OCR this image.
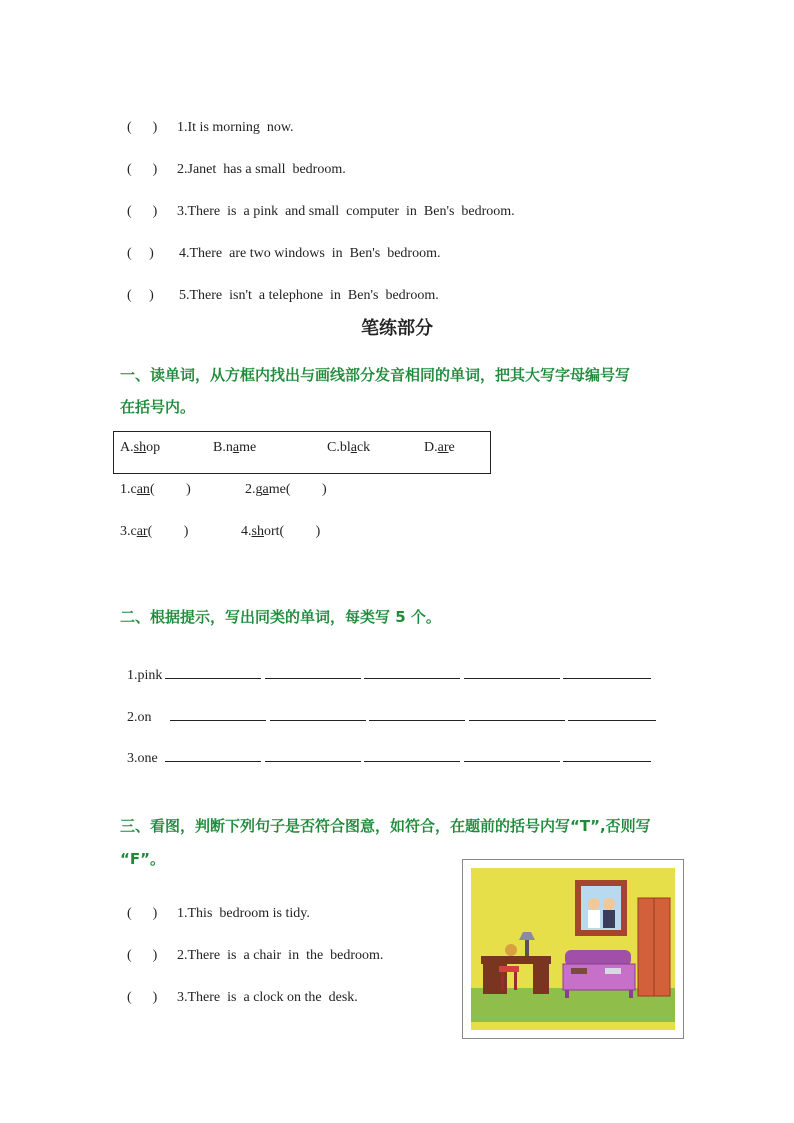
(      ) 1.It is morning  now.

(      ) 2.Janet  has a small  bedroom.

(      ) 3.There  is  a pink  and small  computer  in  Ben's  bedroom.

(     ) 4.There  are two windows  in  Ben's  bedroom.

(     ) 5.There  isn't  a telephone  in  Ben's  bedroom.

笔练部分
一、读单词，从方框内找出与画线部分发音相同的单词，把其大写字母编号写
在括号内。
A.shop	B.name	C.black	D.are
1.can(         )	2.game(         )
3.car(         )	4.short(         )
二、根据提示，写出同类的单词，每类写 5 个。

1.pink

2.on

3.one

三、看图，判断下列句子是否符合图意，如符合，在题前的括号内写“T”,否则写
“F”。

(      ) 1.This  bedroom is tidy.

(      ) 2.There  is  a chair  in  the  bedroom.

(      ) 3.There  is  a clock on the  desk.
